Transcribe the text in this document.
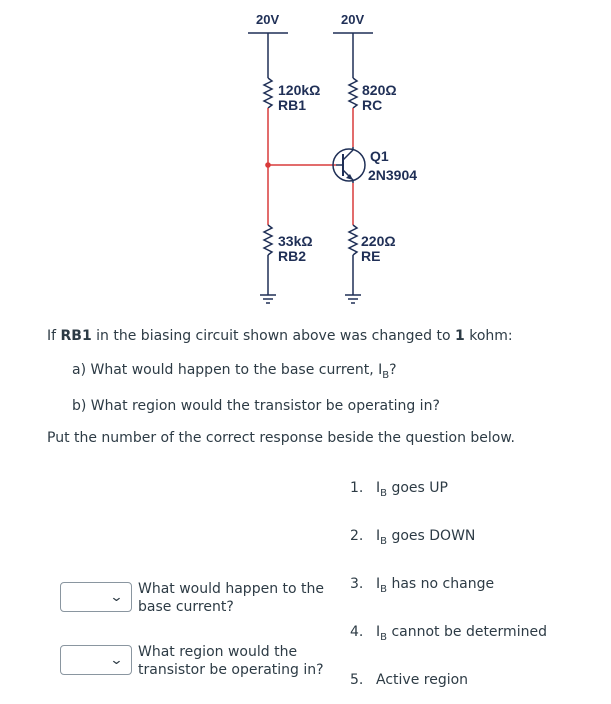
20V	20V
120kΩ
RB1
820Ω
RC
Q1
2N3904
33kΩ
RB2
220Ω
RE

If RB1 in the biasing circuit shown above was changed to 1 kohm:

a) What would happen to the base current, $I_B$?

b) What region would the transistor be operating in?

Put the number of the correct response beside the question below.

⌄
What would happen to the
base current?
⌄
What region would the
transistor be operating in?
1. $I_B$ goes UP
2. $I_B$ goes DOWN
3. $I_B$ has no change
4. $I_B$ cannot be determined
5. Active region
